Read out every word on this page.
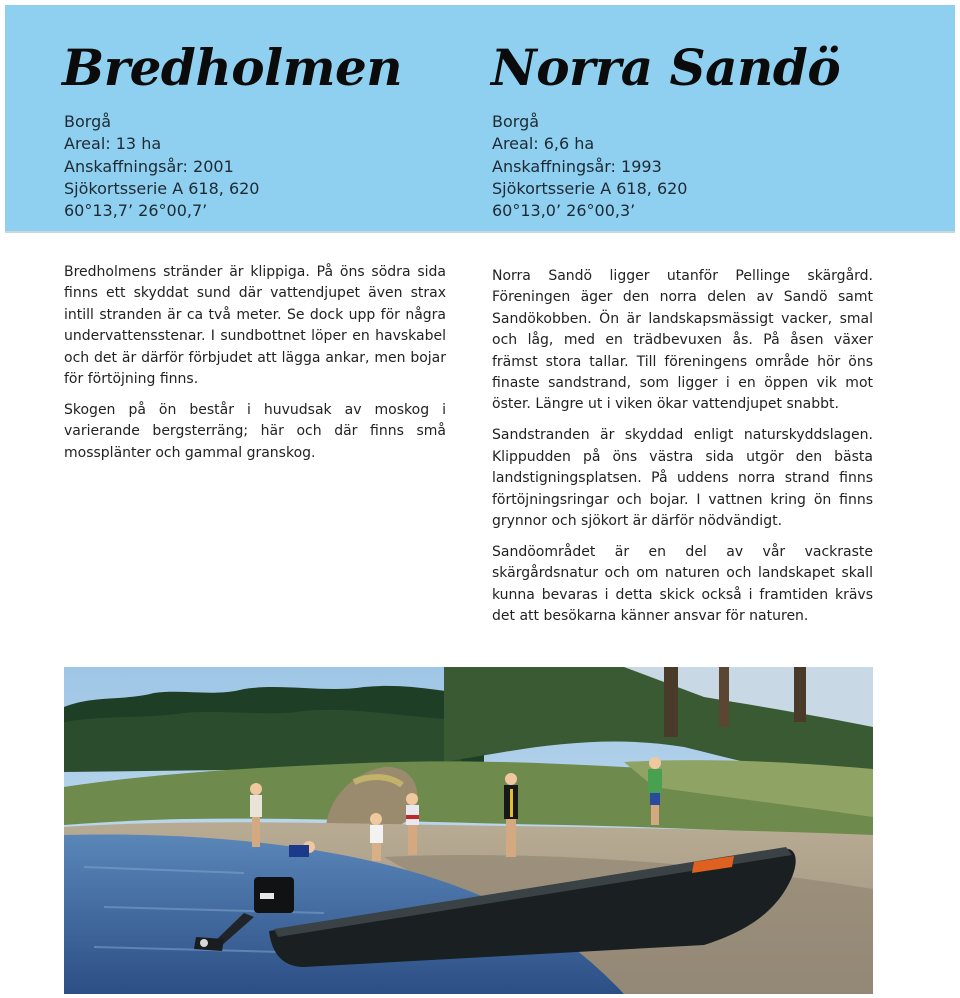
Bredholmen
Borgå
Areal: 13 ha
Anskaffningsår: 2001
Sjökortsserie A 618, 620
60°13,7’ 26°00,7’

Bredholmens stränder är klippiga. På öns södra sida finns ett skyddat sund där vattendjupet även strax intill stranden är ca två meter. Se dock upp för några undervattensstenar. I sundbottnet löper en havskabel och det är därför förbjudet att lägga ankar, men bojar för förtöjning finns.

Skogen på ön består i huvudsak av moskog i varierande bergsterräng; här och där finns små mossplänter och gammal granskog.

Norra Sandö
Borgå
Areal: 6,6 ha
Anskaffningsår: 1993
Sjökortsserie A 618, 620
60°13,0’ 26°00,3’

Norra Sandö ligger utanför Pellinge skärgård. Föreningen äger den norra delen av Sandö samt Sandökobben. Ön är landskapsmässigt vacker, smal och låg, med en trädbevuxen ås. På åsen växer främst stora tallar. Till föreningens område hör öns finaste sandstrand, som ligger i en öppen vik mot öster. Längre ut i viken ökar vattendjupet snabbt.

Sandstranden är skyddad enligt naturskyddslagen. Klippudden på öns västra sida utgör den bästa landstigningsplatsen. På uddens norra strand finns förtöjningsringar och bojar. I vattnen kring ön finns grynnor och sjökort är därför nödvändigt.

Sandöområdet är en del av vår vackraste skärgårdsnatur och om naturen och landskapet skall kunna bevaras i detta skick också i framtiden krävs det att besökarna känner ansvar för naturen.
